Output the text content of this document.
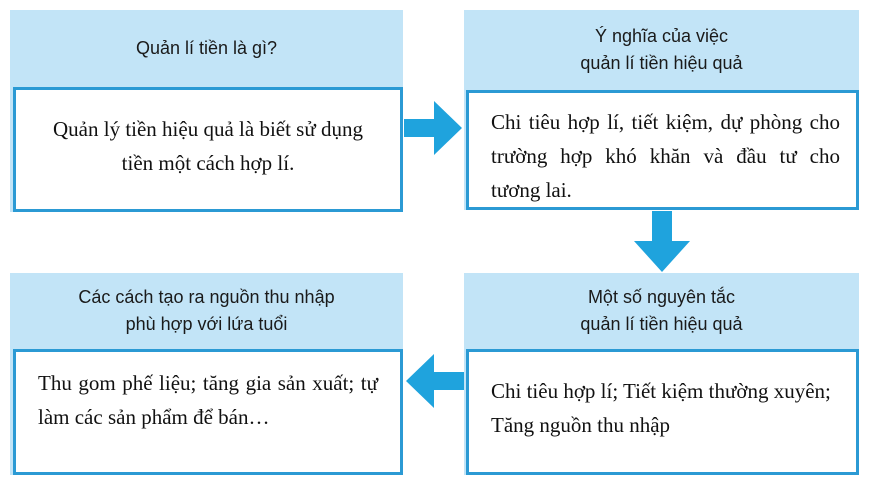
Quản lí tiền là gì?
Quản lý tiền hiệu quả là biết sử dụng tiền một cách hợp lí.
Ý nghĩa của việc
quản lí tiền hiệu quả
Chi tiêu hợp lí, tiết kiệm, dự phòng cho trường hợp khó khăn và đầu tư cho tương lai.
Một số nguyên tắc
quản lí tiền hiệu quả
Chi tiêu hợp lí; Tiết kiệm thường xuyên; Tăng nguồn thu nhập
Các cách tạo ra nguồn thu nhập
phù hợp với lứa tuổi
Thu gom phế liệu; tăng gia sản xuất; tự làm các sản phẩm để bán…
